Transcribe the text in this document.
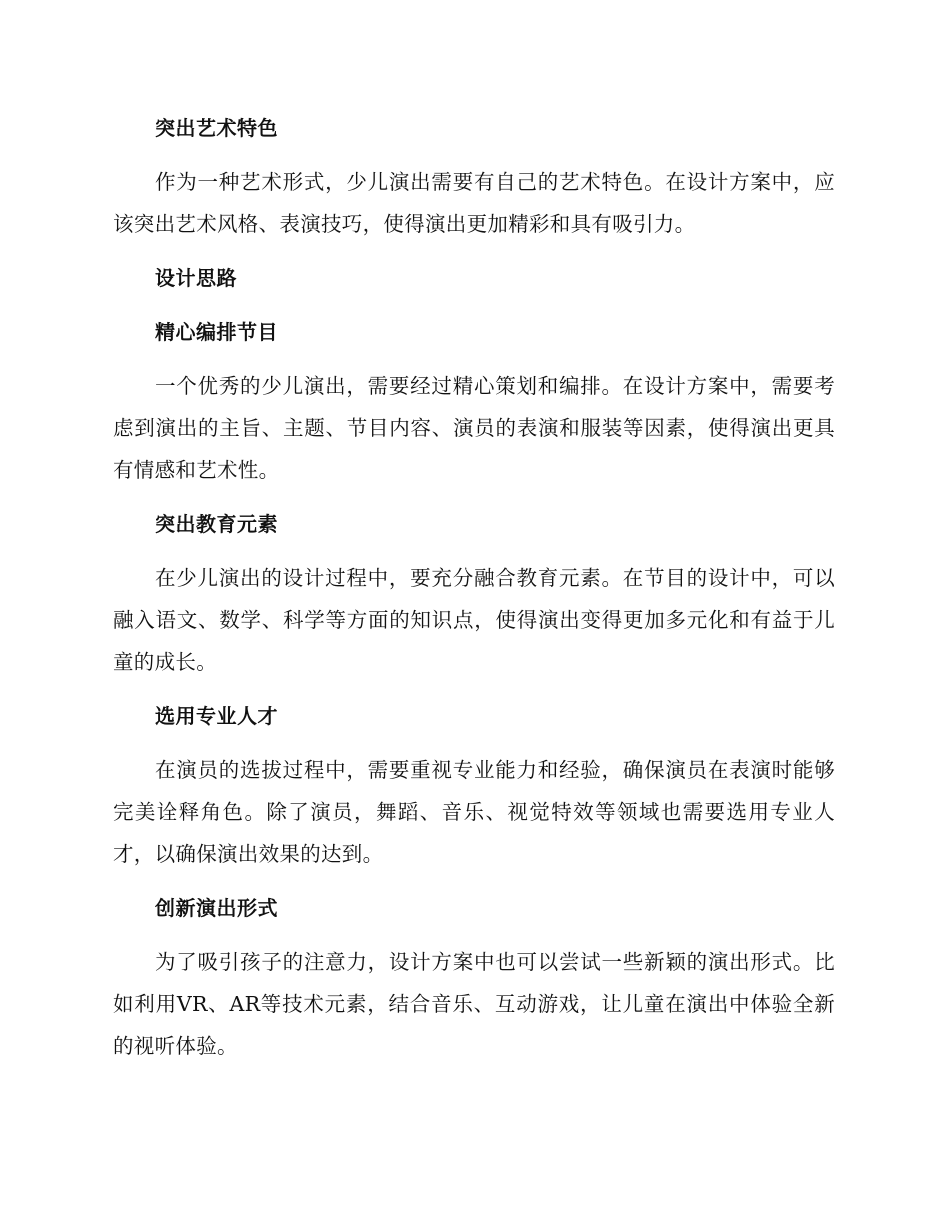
突出艺术特色

作为一种艺术形式，少儿演出需要有自己的艺术特色。在设计方案中，应该突出艺术风格、表演技巧，使得演出更加精彩和具有吸引力。

设计思路
精心编排节目

一个优秀的少儿演出，需要经过精心策划和编排。在设计方案中，需要考虑到演出的主旨、主题、节目内容、演员的表演和服装等因素，使得演出更具有情感和艺术性。

突出教育元素

在少儿演出的设计过程中，要充分融合教育元素。在节目的设计中，可以融入语文、数学、科学等方面的知识点，使得演出变得更加多元化和有益于儿童的成长。

选用专业人才

在演员的选拔过程中，需要重视专业能力和经验，确保演员在表演时能够完美诠释角色。除了演员，舞蹈、音乐、视觉特效等领域也需要选用专业人才，以确保演出效果的达到。

创新演出形式

为了吸引孩子的注意力，设计方案中也可以尝试一些新颖的演出形式。比如利用VR、AR等技术元素，结合音乐、互动游戏，让儿童在演出中体验全新的视听体验。
